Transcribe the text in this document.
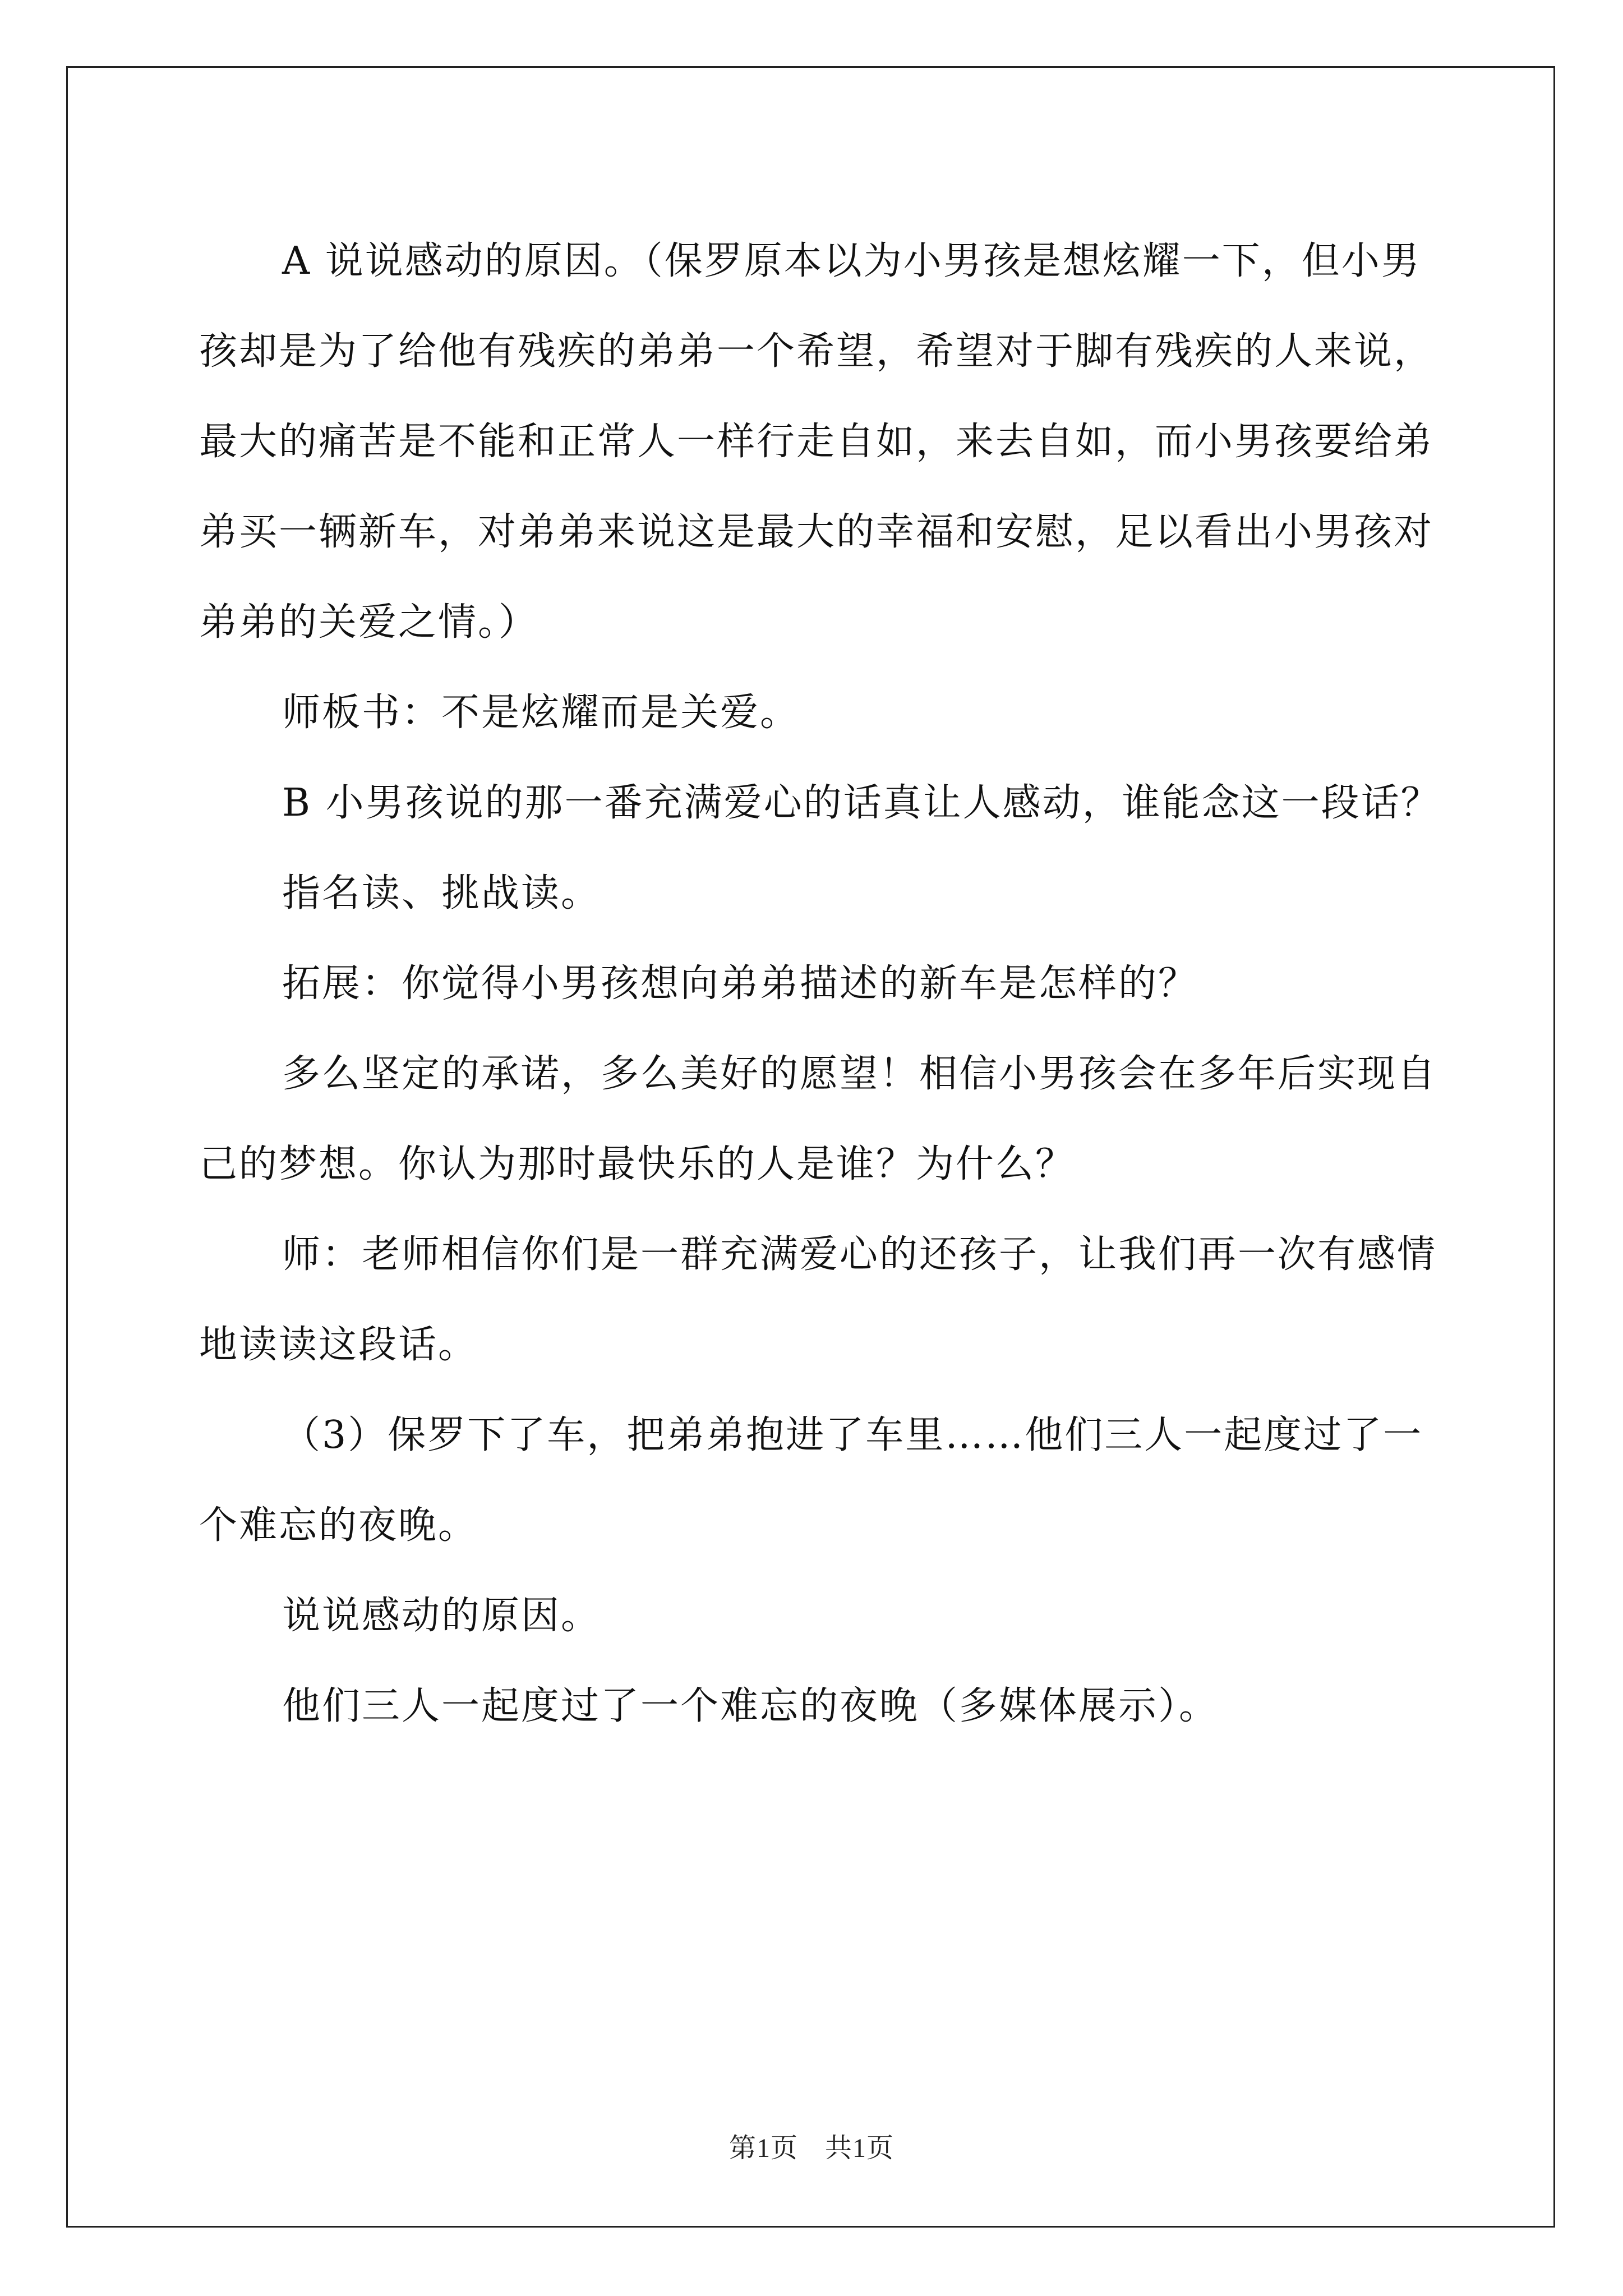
A 说说感动的原因。（保罗原本以为小男孩是想炫耀一下，但小男孩却是为了给他有残疾的弟弟一个希望，希望对于脚有残疾的人来说，最大的痛苦是不能和正常人一样行走自如，来去自如，而小男孩要给弟弟买一辆新车，对弟弟来说这是最大的幸福和安慰，足以看出小男孩对弟弟的关爱之情。）

师板书：不是炫耀而是关爱。

B 小男孩说的那一番充满爱心的话真让人感动，谁能念这一段话？

指名读、挑战读。

拓展：你觉得小男孩想向弟弟描述的新车是怎样的？

多么坚定的承诺，多么美好的愿望！相信小男孩会在多年后实现自己的梦想。你认为那时最快乐的人是谁？为什么？

师：老师相信你们是一群充满爱心的还孩子，让我们再一次有感情地读读这段话。

（3）保罗下了车，把弟弟抱进了车里……他们三人一起度过了一个难忘的夜晚。

说说感动的原因。

他们三人一起度过了一个难忘的夜晚（多媒体展示）。

第1页 共1页
